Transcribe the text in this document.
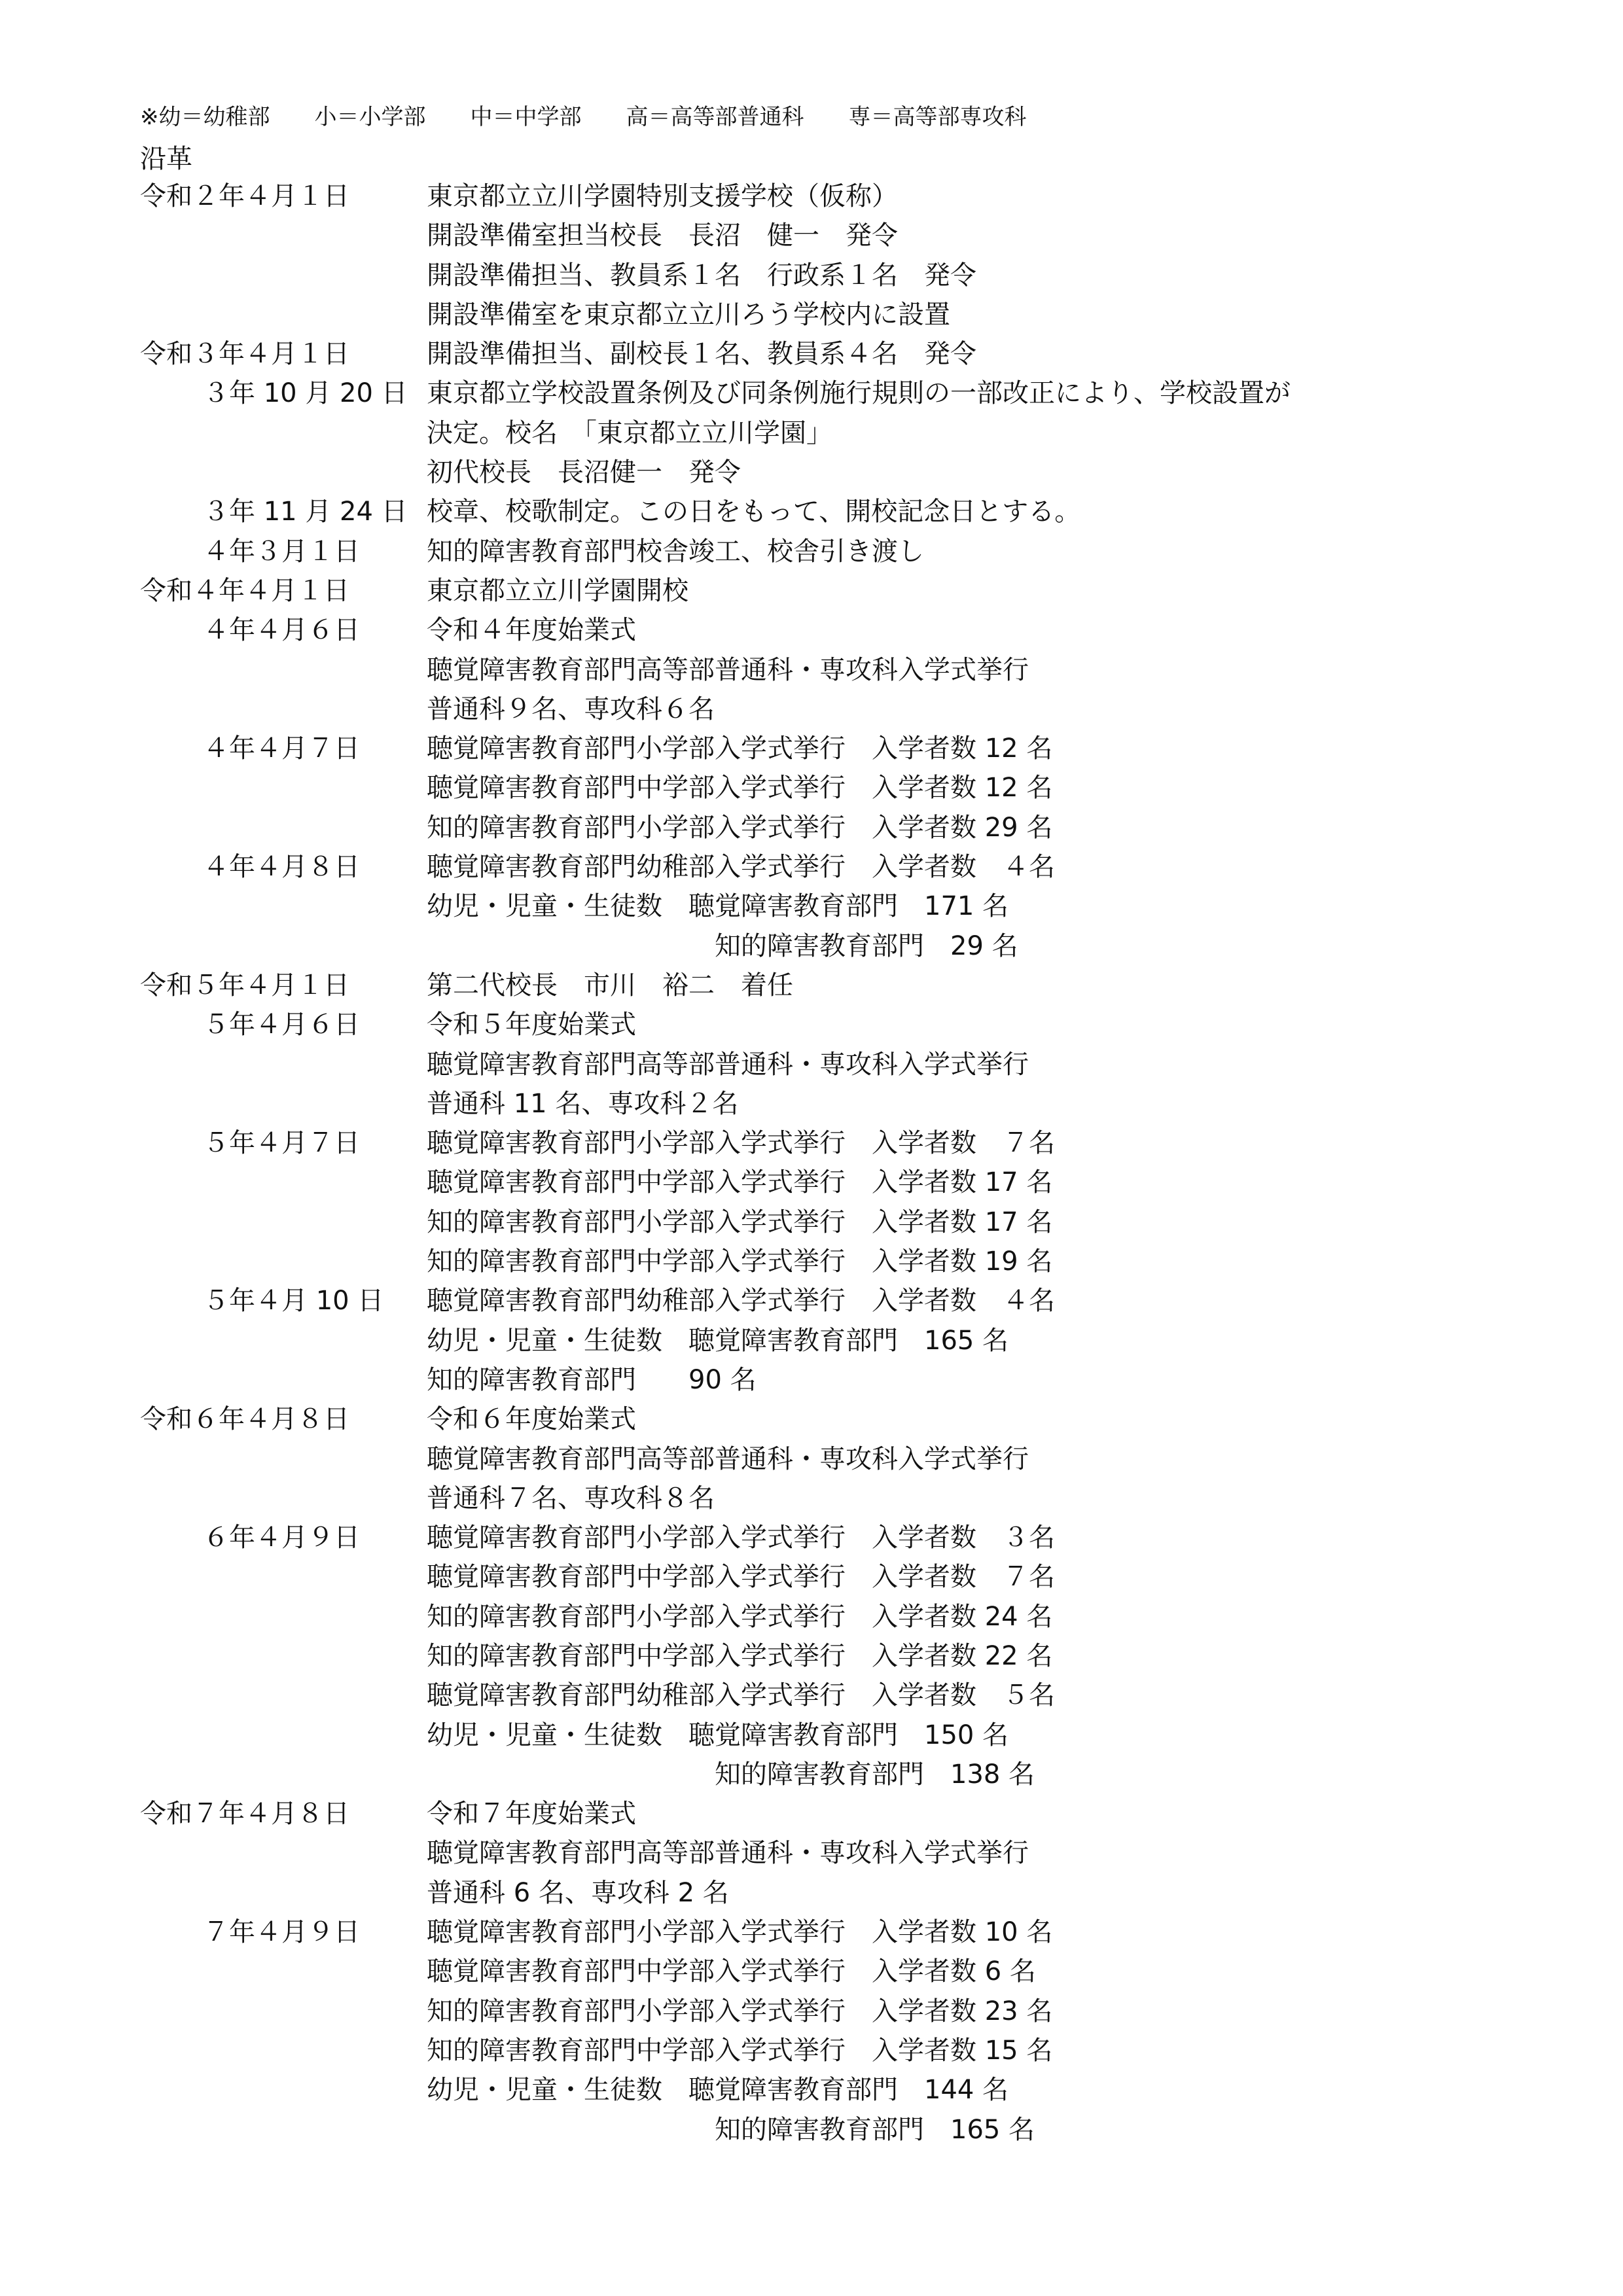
※幼＝幼稚部　　小＝小学部　　中＝中学部　　高＝高等部普通科　　専＝高等部専攻科
沿革
令和２年４月１日	東京都立立川学園特別支援学校（仮称）
開設準備室担当校長　長沼　健一　発令
開設準備担当、教員系１名　行政系１名　発令
開設準備室を東京都立立川ろう学校内に設置
令和３年４月１日	開設準備担当、副校長１名、教員系４名　発令
３年 10 月 20 日 東京都立学校設置条例及び同条例施行規則の一部改正により、学校設置が
決定。校名　「東京都立立川学園」
初代校長　長沼健一　発令
３年 11 月 24 日 校章、校歌制定。この日をもって、開校記念日とする。
４年３月１日	知的障害教育部門校舎竣工、校舎引き渡し
令和４年４月１日	東京都立立川学園開校
４年４月６日	令和４年度始業式
聴覚障害教育部門高等部普通科・専攻科入学式挙行
普通科９名、専攻科６名
４年４月７日	聴覚障害教育部門小学部入学式挙行　入学者数 12 名
聴覚障害教育部門中学部入学式挙行　入学者数 12 名
知的障害教育部門小学部入学式挙行　入学者数 29 名
４年４月８日	聴覚障害教育部門幼稚部入学式挙行　入学者数　４名
幼児・児童・生徒数　聴覚障害教育部門　171 名
知的障害教育部門　29 名
令和５年４月１日	第二代校長　市川　裕二　着任
５年４月６日	令和５年度始業式
聴覚障害教育部門高等部普通科・専攻科入学式挙行
普通科 11 名、専攻科２名
５年４月７日	聴覚障害教育部門小学部入学式挙行　入学者数　７名
聴覚障害教育部門中学部入学式挙行　入学者数 17 名
知的障害教育部門小学部入学式挙行　入学者数 17 名
知的障害教育部門中学部入学式挙行　入学者数 19 名
５年４月 10 日 聴覚障害教育部門幼稚部入学式挙行　入学者数　４名
幼児・児童・生徒数　聴覚障害教育部門　165 名
知的障害教育部門　　90 名
令和６年４月８日	令和６年度始業式
聴覚障害教育部門高等部普通科・専攻科入学式挙行
普通科７名、専攻科８名
６年４月９日	聴覚障害教育部門小学部入学式挙行　入学者数　３名
聴覚障害教育部門中学部入学式挙行　入学者数　７名
知的障害教育部門小学部入学式挙行　入学者数 24 名
知的障害教育部門中学部入学式挙行　入学者数 22 名
聴覚障害教育部門幼稚部入学式挙行　入学者数　５名
幼児・児童・生徒数　聴覚障害教育部門　150 名
知的障害教育部門　138 名
令和７年４月８日	令和７年度始業式
聴覚障害教育部門高等部普通科・専攻科入学式挙行
普通科 6 名、専攻科 2 名
７年４月９日	聴覚障害教育部門小学部入学式挙行　入学者数 10 名
聴覚障害教育部門中学部入学式挙行　入学者数 6 名
知的障害教育部門小学部入学式挙行　入学者数 23 名
知的障害教育部門中学部入学式挙行　入学者数 15 名
幼児・児童・生徒数　聴覚障害教育部門　144 名
知的障害教育部門　165 名
